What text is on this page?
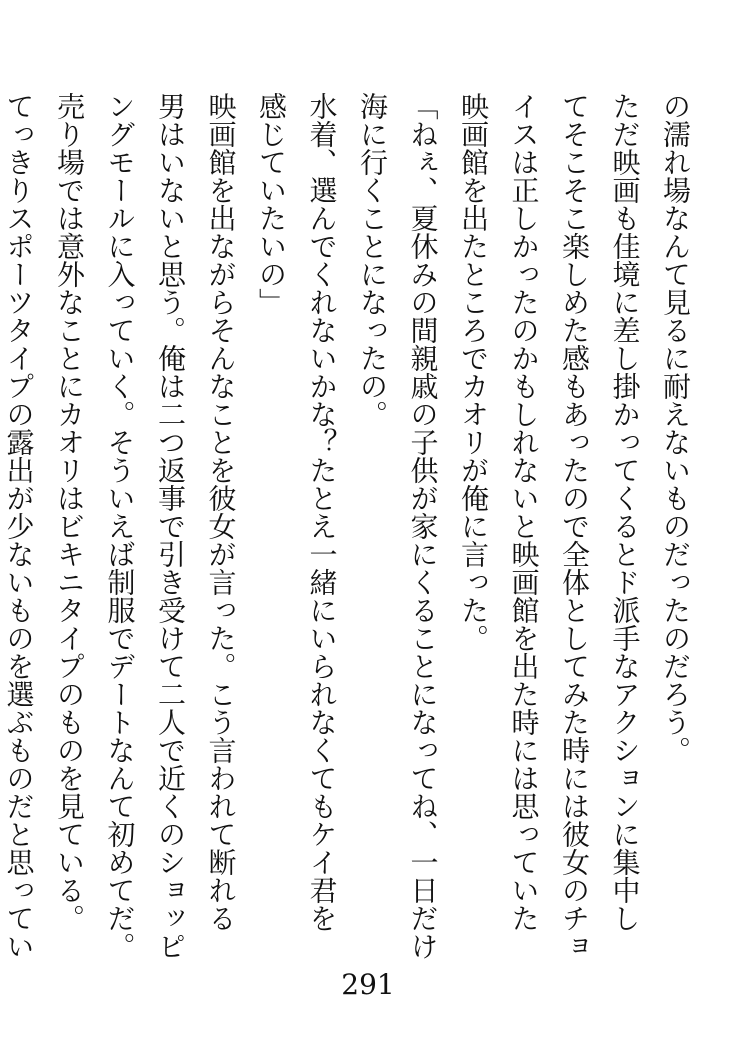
の濡れ場なんて見るに耐えないものだったのだろう。
ただ映画も佳境に差し掛かってくるとド派手なアクションに集中し
てそこそこ楽しめた感もあったので全体としてみた時には彼女のチョ
イスは正しかったのかもしれないと映画館を出た時には思っていた
映画館を出たところでカオリが俺に言った。
「ねぇ、夏休みの間親戚の子供が家にくることになってね、一日だけ
海に行くことになったの。
水着、選んでくれないかな？たとえ一緒にいられなくてもケイ君を
感じていたいの」
映画館を出ながらそんなことを彼女が言った。こう言われて断れる
男はいないと思う。俺は二つ返事で引き受けて二人で近くのショッピ
ングモールに入っていく。そういえば制服でデートなんて初めてだ。
売り場では意外なことにカオリはビキニタイプのものを見ている。
てっきりスポーツタイプの露出が少ないものを選ぶものだと思ってい
291
